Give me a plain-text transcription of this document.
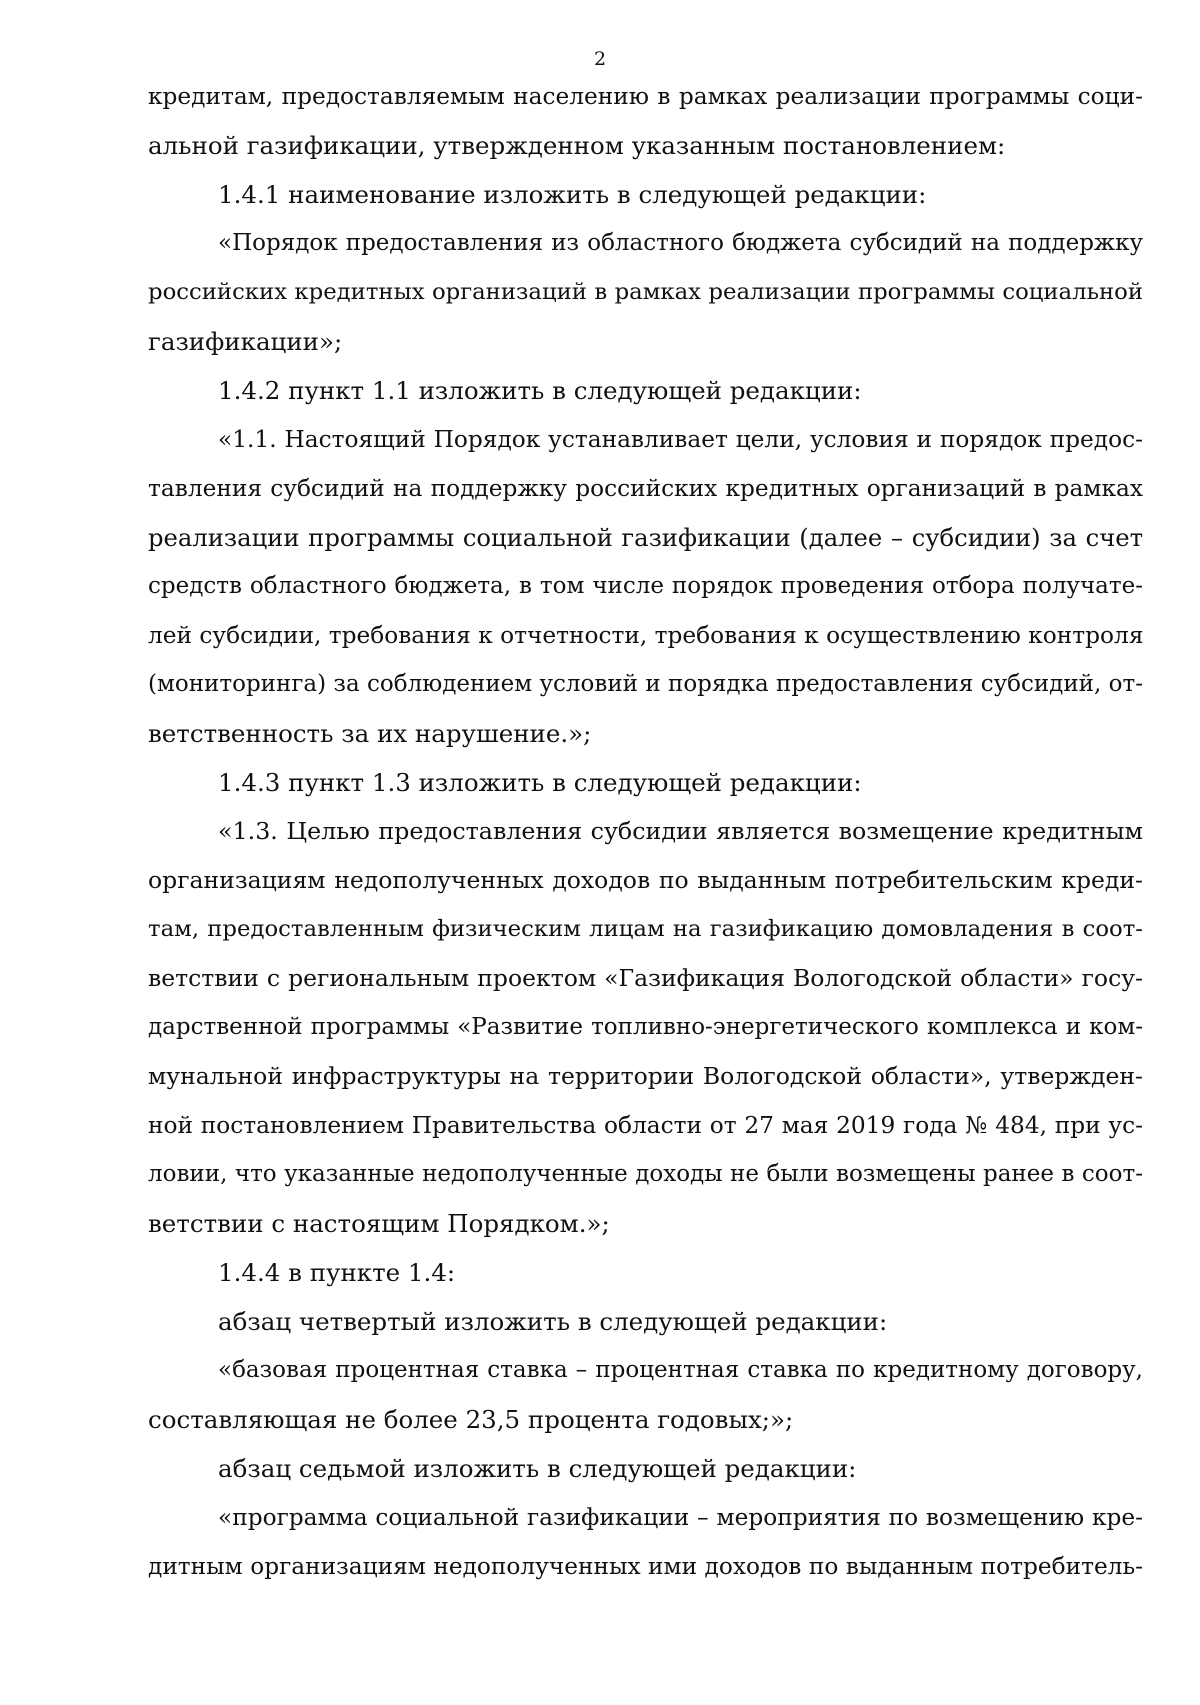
2
кредитам, предоставляемым населению в рамках реализации программы соци-
альной газификации, утвержденном указанным постановлением:
1.4.1 наименование изложить в следующей редакции:
«Порядок предоставления из областного бюджета субсидий на поддержку
российских кредитных организаций в рамках реализации программы социальной
газификации»;
1.4.2 пункт 1.1 изложить в следующей редакции:
«1.1. Настоящий Порядок устанавливает цели, условия и порядок предос-
тавления субсидий на поддержку российских кредитных организаций в рамках
реализации программы социальной газификации (далее – субсидии) за счет
средств областного бюджета, в том числе порядок проведения отбора получате-
лей субсидии, требования к отчетности, требования к осуществлению контроля
(мониторинга) за соблюдением условий и порядка предоставления субсидий, от-
ветственность за их нарушение.»;
1.4.3 пункт 1.3 изложить в следующей редакции:
«1.3. Целью предоставления субсидии является возмещение кредитным
организациям недополученных доходов по выданным потребительским креди-
там, предоставленным физическим лицам на газификацию домовладения в соот-
ветствии с региональным проектом «Газификация Вологодской области» госу-
дарственной программы «Развитие топливно-энергетического комплекса и ком-
мунальной инфраструктуры на территории Вологодской области», утвержден-
ной постановлением Правительства области от 27 мая 2019 года № 484, при ус-
ловии, что указанные недополученные доходы не были возмещены ранее в соот-
ветствии с настоящим Порядком.»;
1.4.4 в пункте 1.4:
абзац четвертый изложить в следующей редакции:
«базовая процентная ставка – процентная ставка по кредитному договору,
составляющая не более 23,5 процента годовых;»;
абзац седьмой изложить в следующей редакции:
«программа социальной газификации – мероприятия по возмещению кре-
дитным организациям недополученных ими доходов по выданным потребитель-
